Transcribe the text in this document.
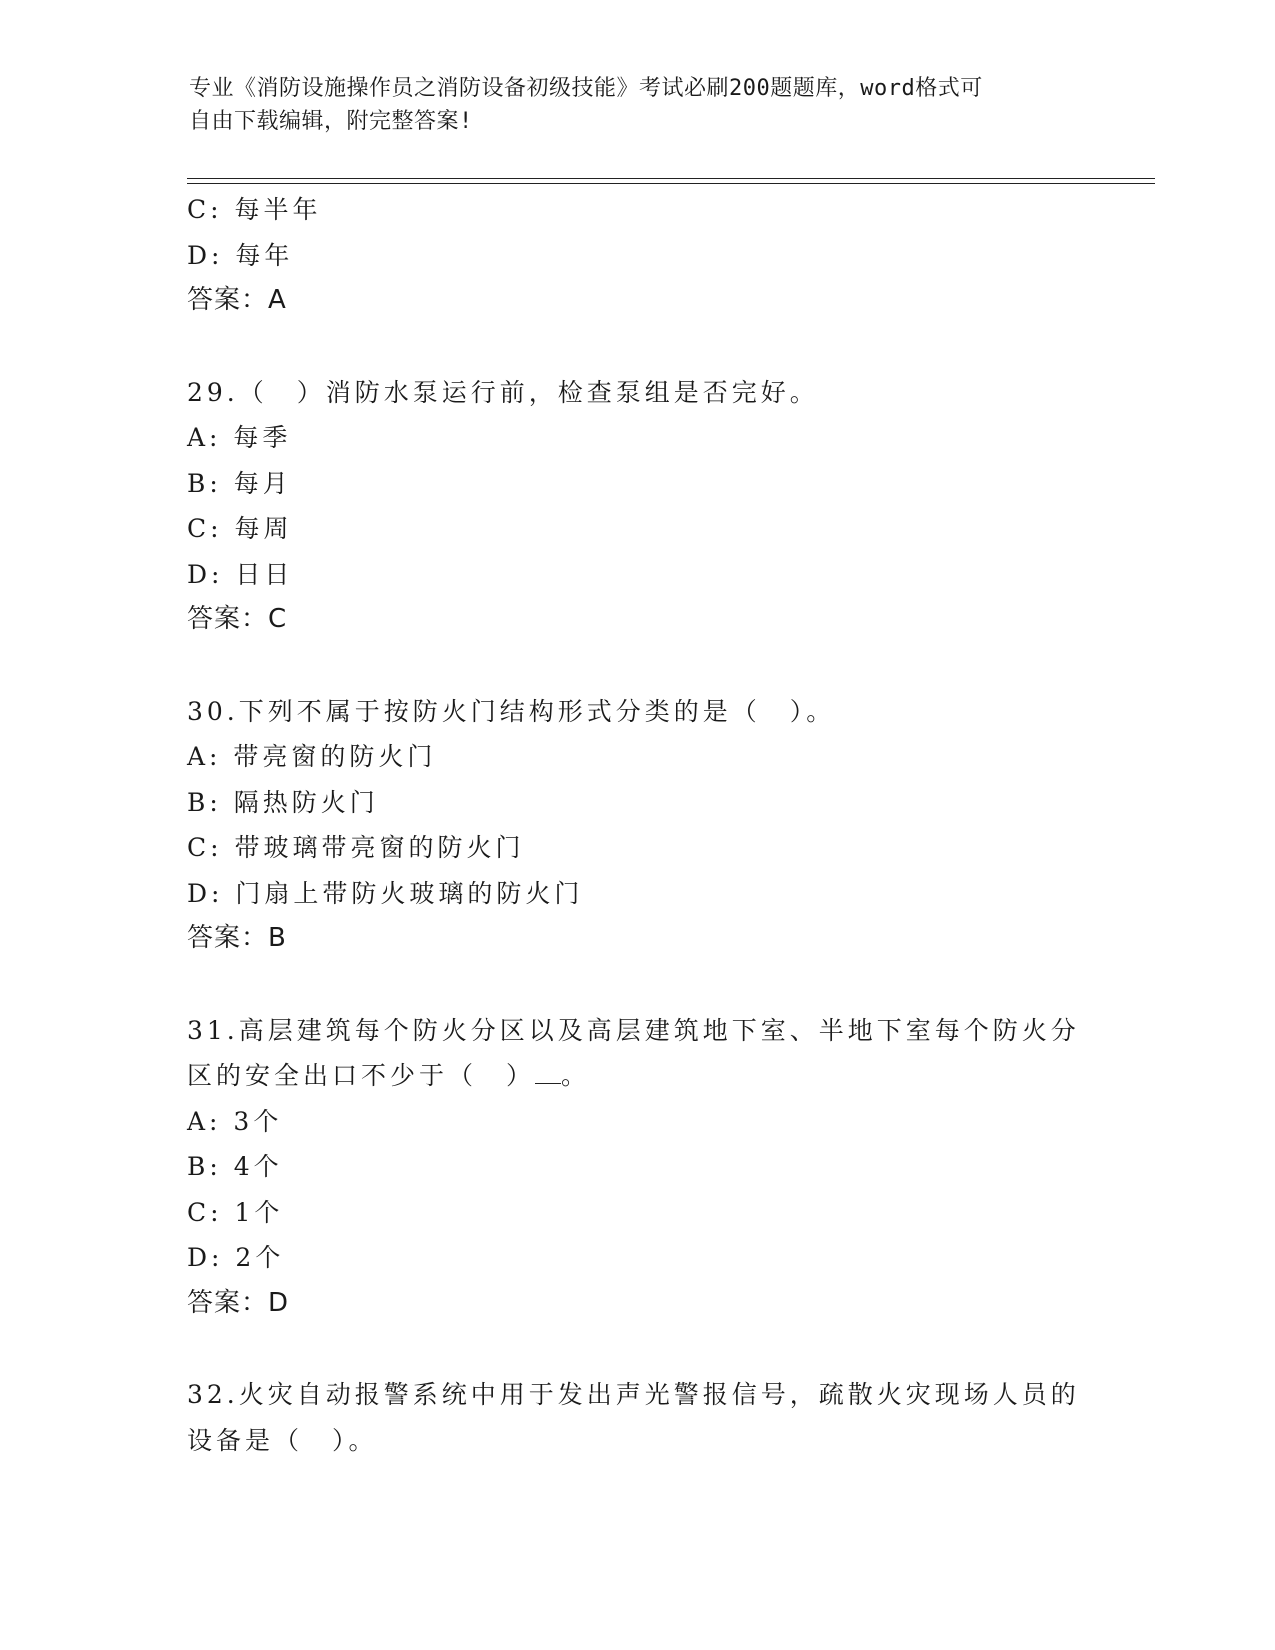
专业《消防设施操作员之消防设备初级技能》考试必刷200题题库，word格式可
自由下载编辑，附完整答案!
C: 每半年
D: 每年
答案：A
29.（　）消防水泵运行前，检查泵组是否完好。
A: 每季
B: 每月
C: 每周
D: 日日
答案：C
30.下列不属于按防火门结构形式分类的是（　）。
A: 带亮窗的防火门
B: 隔热防火门
C: 带玻璃带亮窗的防火门
D: 门扇上带防火玻璃的防火门
答案：B
31.高层建筑每个防火分区以及高层建筑地下室、半地下室每个防火分
区的安全出口不少于（　） 。
A: 3个
B: 4个
C: 1个
D: 2个
答案：D
32.火灾自动报警系统中用于发出声光警报信号，疏散火灾现场人员的
设备是（　）。
